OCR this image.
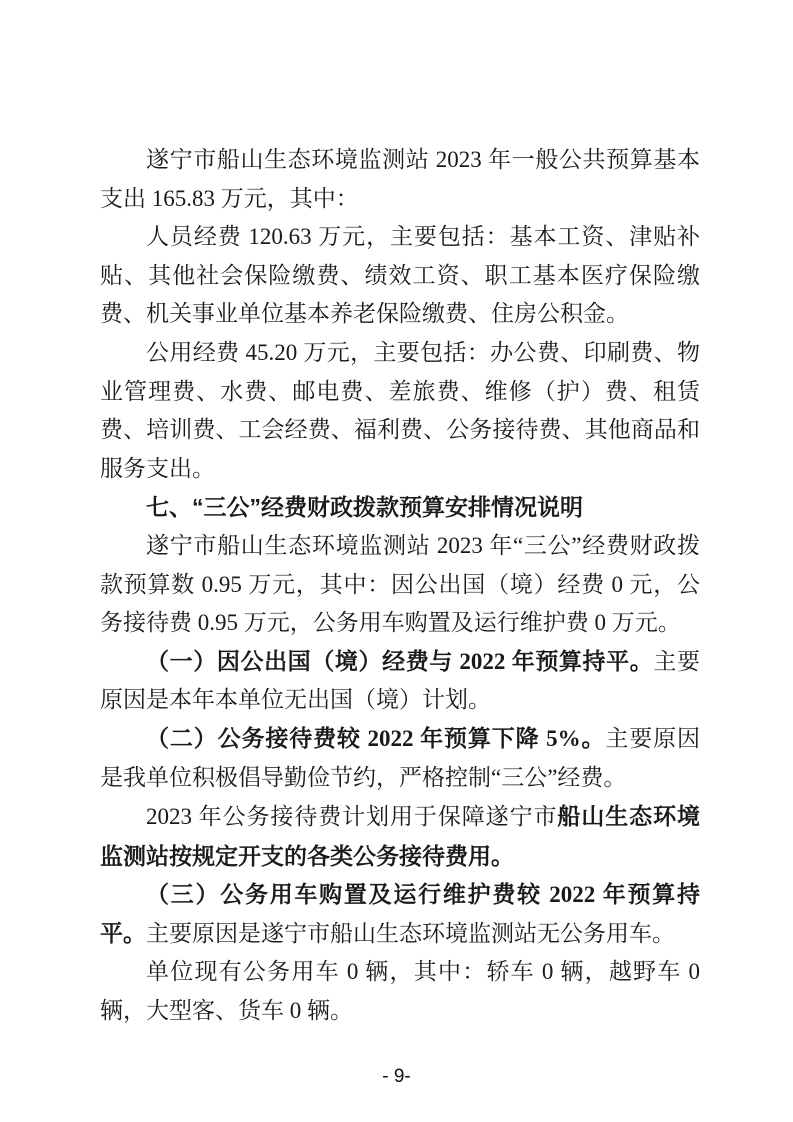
遂宁市船山生态环境监测站 2023 年一般公共预算基本支出 165.83 万元，其中：

人员经费 120.63 万元，主要包括：基本工资、津贴补贴、其他社会保险缴费、绩效工资、职工基本医疗保险缴费、机关事业单位基本养老保险缴费、住房公积金。

公用经费 45.20 万元，主要包括：办公费、印刷费、物业管理费、水费、邮电费、差旅费、维修（护）费、租赁费、培训费、工会经费、福利费、公务接待费、其他商品和服务支出。

七、“三公”经费财政拨款预算安排情况说明

遂宁市船山生态环境监测站 2023 年“三公”经费财政拨款预算数 0.95 万元，其中：因公出国（境）经费 0 元，公务接待费 0.95 万元，公务用车购置及运行维护费 0 万元。

（一）因公出国（境）经费与 2022 年预算持平。主要原因是本年本单位无出国（境）计划。

（二）公务接待费较 2022 年预算下降 5%。主要原因是我单位积极倡导勤俭节约，严格控制“三公”经费。

2023 年公务接待费计划用于保障遂宁市船山生态环境监测站按规定开支的各类公务接待费用。

（三）公务用车购置及运行维护费较 2022 年预算持平。主要原因是遂宁市船山生态环境监测站无公务用车。

单位现有公务用车 0 辆，其中：轿车 0 辆，越野车 0 辆，大型客、货车 0 辆。

- 9-
